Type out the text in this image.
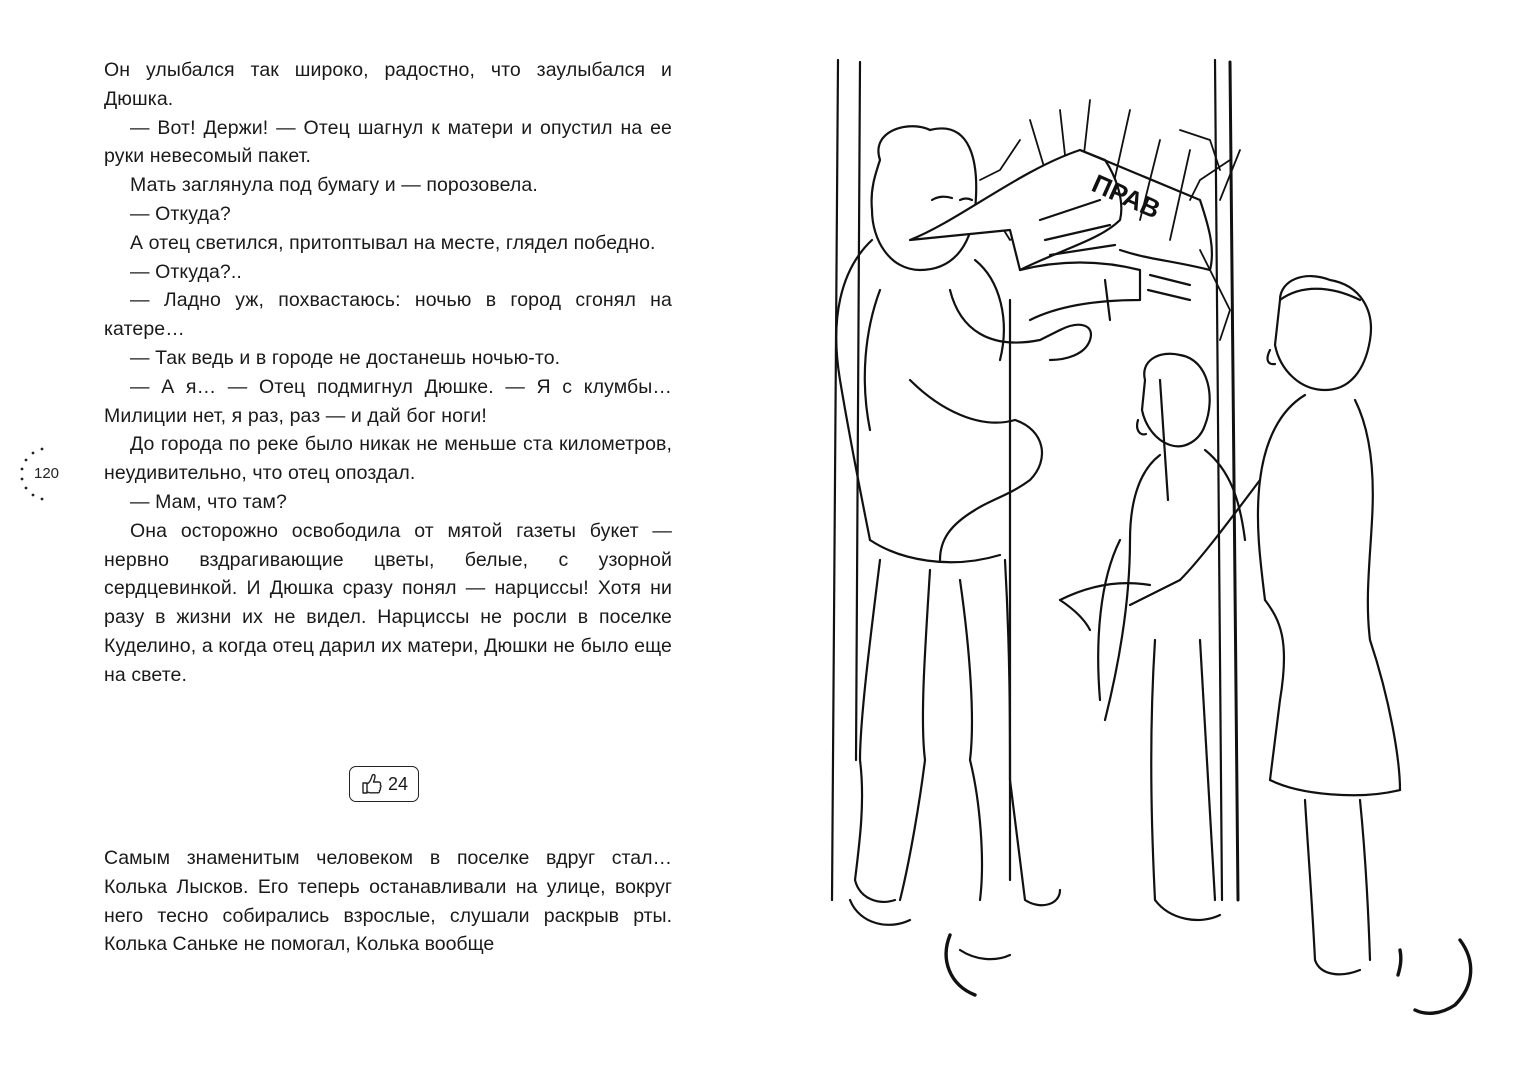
120

Он улыбался так широко, радостно, что заулыбался и Дюшка.

— Вот! Держи! — Отец шагнул к матери и опустил на ее руки невесомый пакет.

Мать заглянула под бумагу и — порозовела.

— Откуда?

А отец светился, притоптывал на месте, глядел победно.

— Откуда?..

— Ладно уж, похвастаюсь: ночью в город сгонял на катере…

— Так ведь и в городе не достанешь ночью-то.

— А я… — Отец подмигнул Дюшке. — Я с клумбы… Милиции нет, я раз, раз — и дай бог ноги!

До города по реке было никак не меньше ста километров, неудивительно, что отец опоздал.

— Мам, что там?

Она осторожно освободила от мятой газеты букет — нервно вздрагивающие цветы, белые, с узорной сердцевинкой. И Дюшка сразу понял — нарциссы! Хотя ни разу в жизни их не видел. Нарциссы не росли в поселке Куделино, а когда отец дарил их матери, Дюшки не было еще на свете.

24

Самым знаменитым человеком в поселке вдруг стал… Колька Лысков. Его теперь останавливали на улице, вокруг него тесно собирались взрослые, слушали раскрыв рты. Колька Саньке не помогал, Колька вообще

ПРАВ
